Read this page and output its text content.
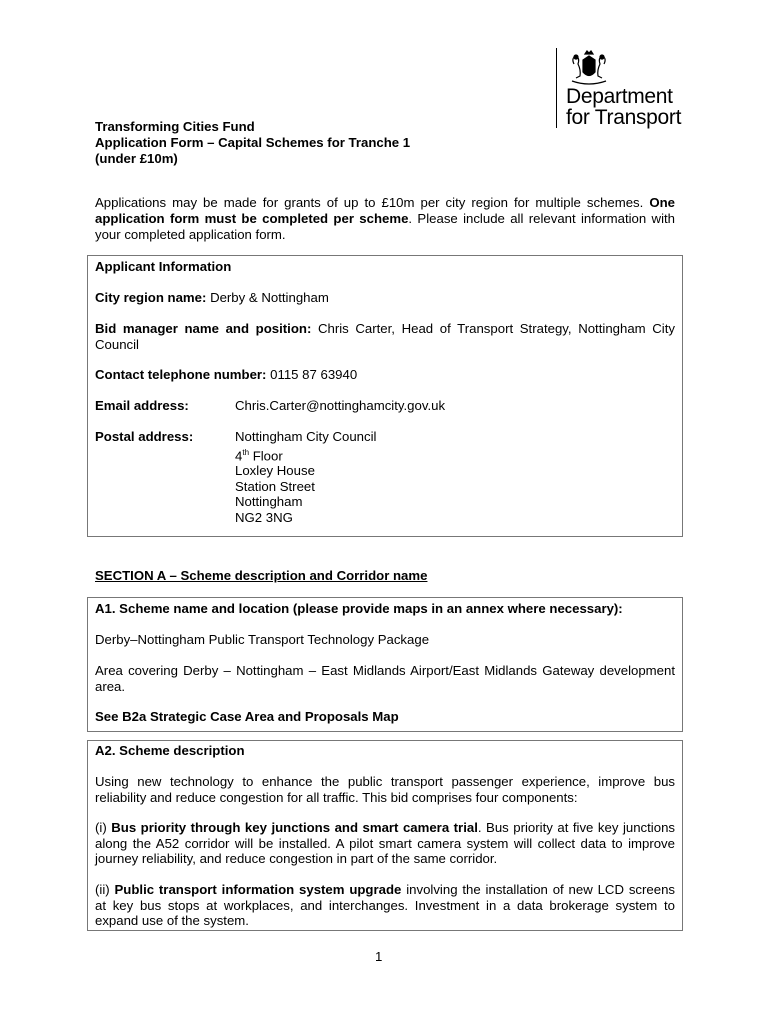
Department
for Transport
Transforming Cities Fund
Application Form – Capital Schemes for Tranche 1
(under £10m)
Applications may be made for grants of up to £10m per city region for multiple schemes. One application form must be completed per scheme. Please include all relevant information with your completed application form.
Applicant Information
City region name: Derby & Nottingham
Bid manager name and position: Chris Carter, Head of Transport Strategy, Nottingham City Council
Contact telephone number: 0115 87 63940
Email address:	Chris.Carter@nottinghamcity.gov.uk
Postal address:	Nottingham City Council
4th Floor
Loxley House
Station Street
Nottingham
NG2 3NG
SECTION A – Scheme description and Corridor name
A1. Scheme name and location (please provide maps in an annex where necessary):
Derby–Nottingham Public Transport Technology Package
Area covering Derby – Nottingham – East Midlands Airport/East Midlands Gateway development area.
See B2a Strategic Case Area and Proposals Map
A2. Scheme description
Using new technology to enhance the public transport passenger experience, improve bus reliability and reduce congestion for all traffic. This bid comprises four components:
(i) Bus priority through key junctions and smart camera trial. Bus priority at five key junctions along the A52 corridor will be installed. A pilot smart camera system will collect data to improve journey reliability, and reduce congestion in part of the same corridor.
(ii) Public transport information system upgrade involving the installation of new LCD screens at key bus stops at workplaces, and interchanges. Investment in a data brokerage system to expand use of the system.
1
